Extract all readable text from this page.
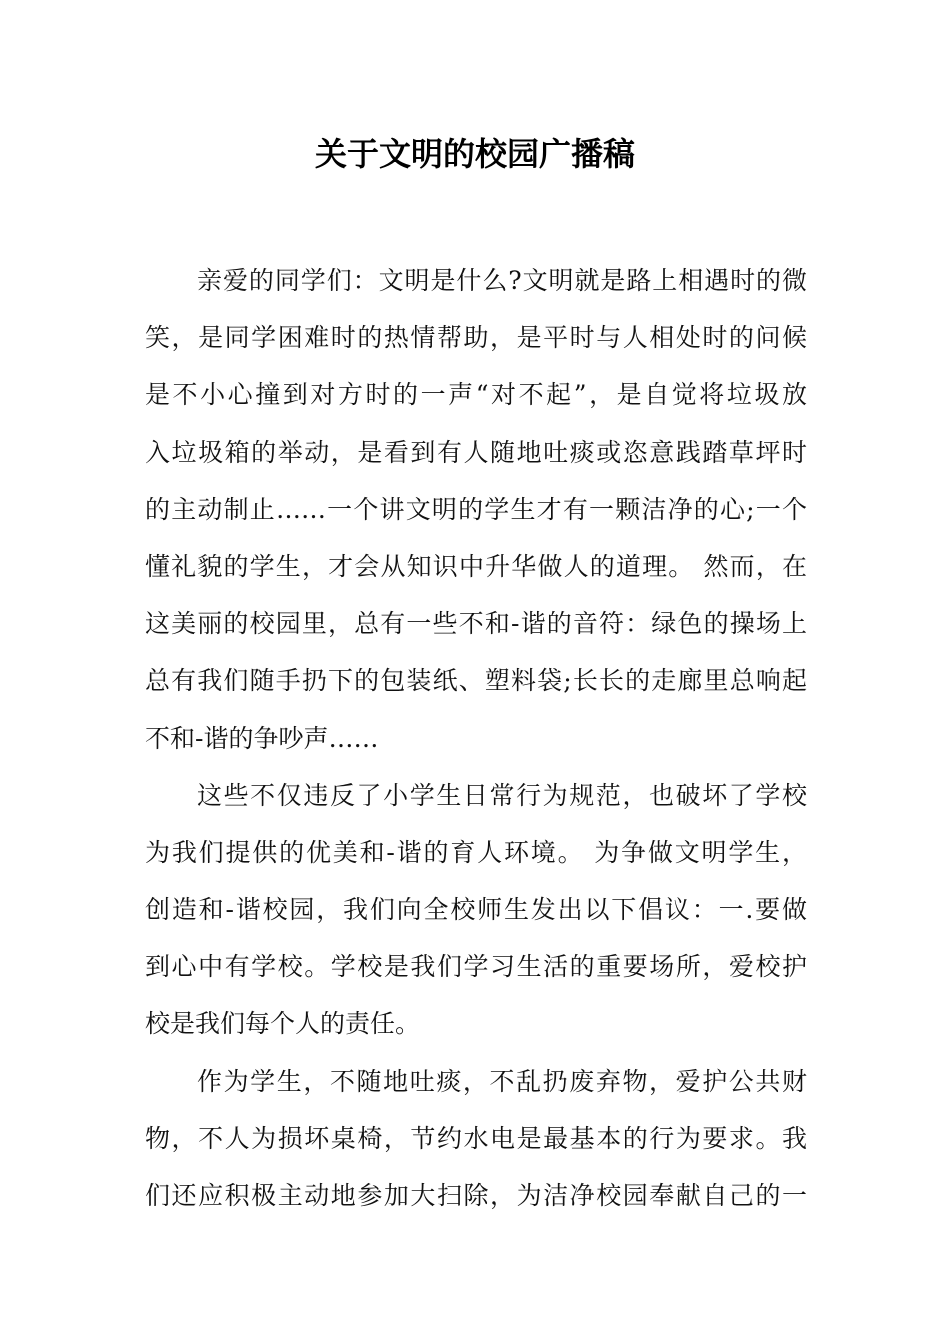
关于文明的校园广播稿
亲爱的同学们：文明是什么?文明就是路上相遇时的微
笑，是同学困难时的热情帮助，是平时与人相处时的问候
是不小心撞到对方时的一声“对不起”，是自觉将垃圾放
入垃圾箱的举动，是看到有人随地吐痰或恣意践踏草坪时
的主动制止……一个讲文明的学生才有一颗洁净的心;一个
懂礼貌的学生，才会从知识中升华做人的道理。 然而，在
这美丽的校园里，总有一些不和-谐的音符：绿色的操场上
总有我们随手扔下的包装纸、塑料袋;长长的走廊里总响起
不和-谐的争吵声……
这些不仅违反了小学生日常行为规范，也破坏了学校
为我们提供的优美和-谐的育人环境。 为争做文明学生，
创造和-谐校园，我们向全校师生发出以下倡议：一.要做
到心中有学校。学校是我们学习生活的重要场所，爱校护
校是我们每个人的责任。
作为学生，不随地吐痰，不乱扔废弃物，爱护公共财
物，不人为损坏桌椅，节约水电是最基本的行为要求。我
们还应积极主动地参加大扫除，为洁净校园奉献自己的一
